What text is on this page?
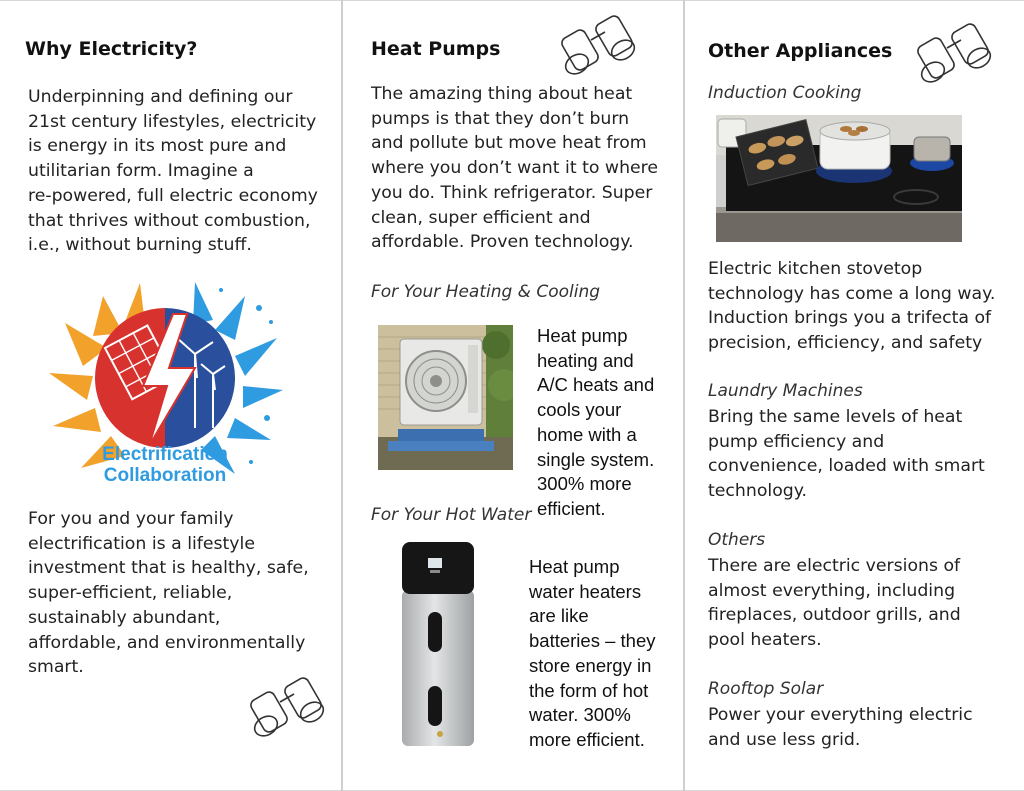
Why Electricity?

Underpinning and defining our
21st century lifestyles, electricity
is energy in its most pure and
utilitarian form. Imagine a
re-powered, full electric economy
that thrives without combustion,
i.e., without burning stuff.

Electrification
Collaboration

For you and your family
electrification is a lifestyle
investment that is healthy, safe,
super-efficient, reliable,
sustainably abundant,
affordable, and environmentally
smart.

Heat Pumps

The amazing thing about heat
pumps is that they don’t burn
and pollute but move heat from
where you don’t want it to where
you do. Think refrigerator. Super
clean, super efficient and
affordable. Proven technology.

For Your Heating & Cooling

Heat pump
heating and
A/C heats and
cools your
home with a
single system.
300% more
efficient.

For Your Hot Water

Heat pump
water heaters
are like
batteries – they
store energy in
the form of hot
water. 300%
more efficient.

Other Appliances

Induction Cooking

Electric kitchen stovetop
technology has come a long way.
Induction brings you a trifecta of
precision, efficiency, and safety

Laundry Machines

Bring the same levels of heat
pump efficiency and
convenience, loaded with smart
technology.

Others

There are electric versions of
almost everything, including
fireplaces, outdoor grills, and
pool heaters.

Rooftop Solar

Power your everything electric
and use less grid.
